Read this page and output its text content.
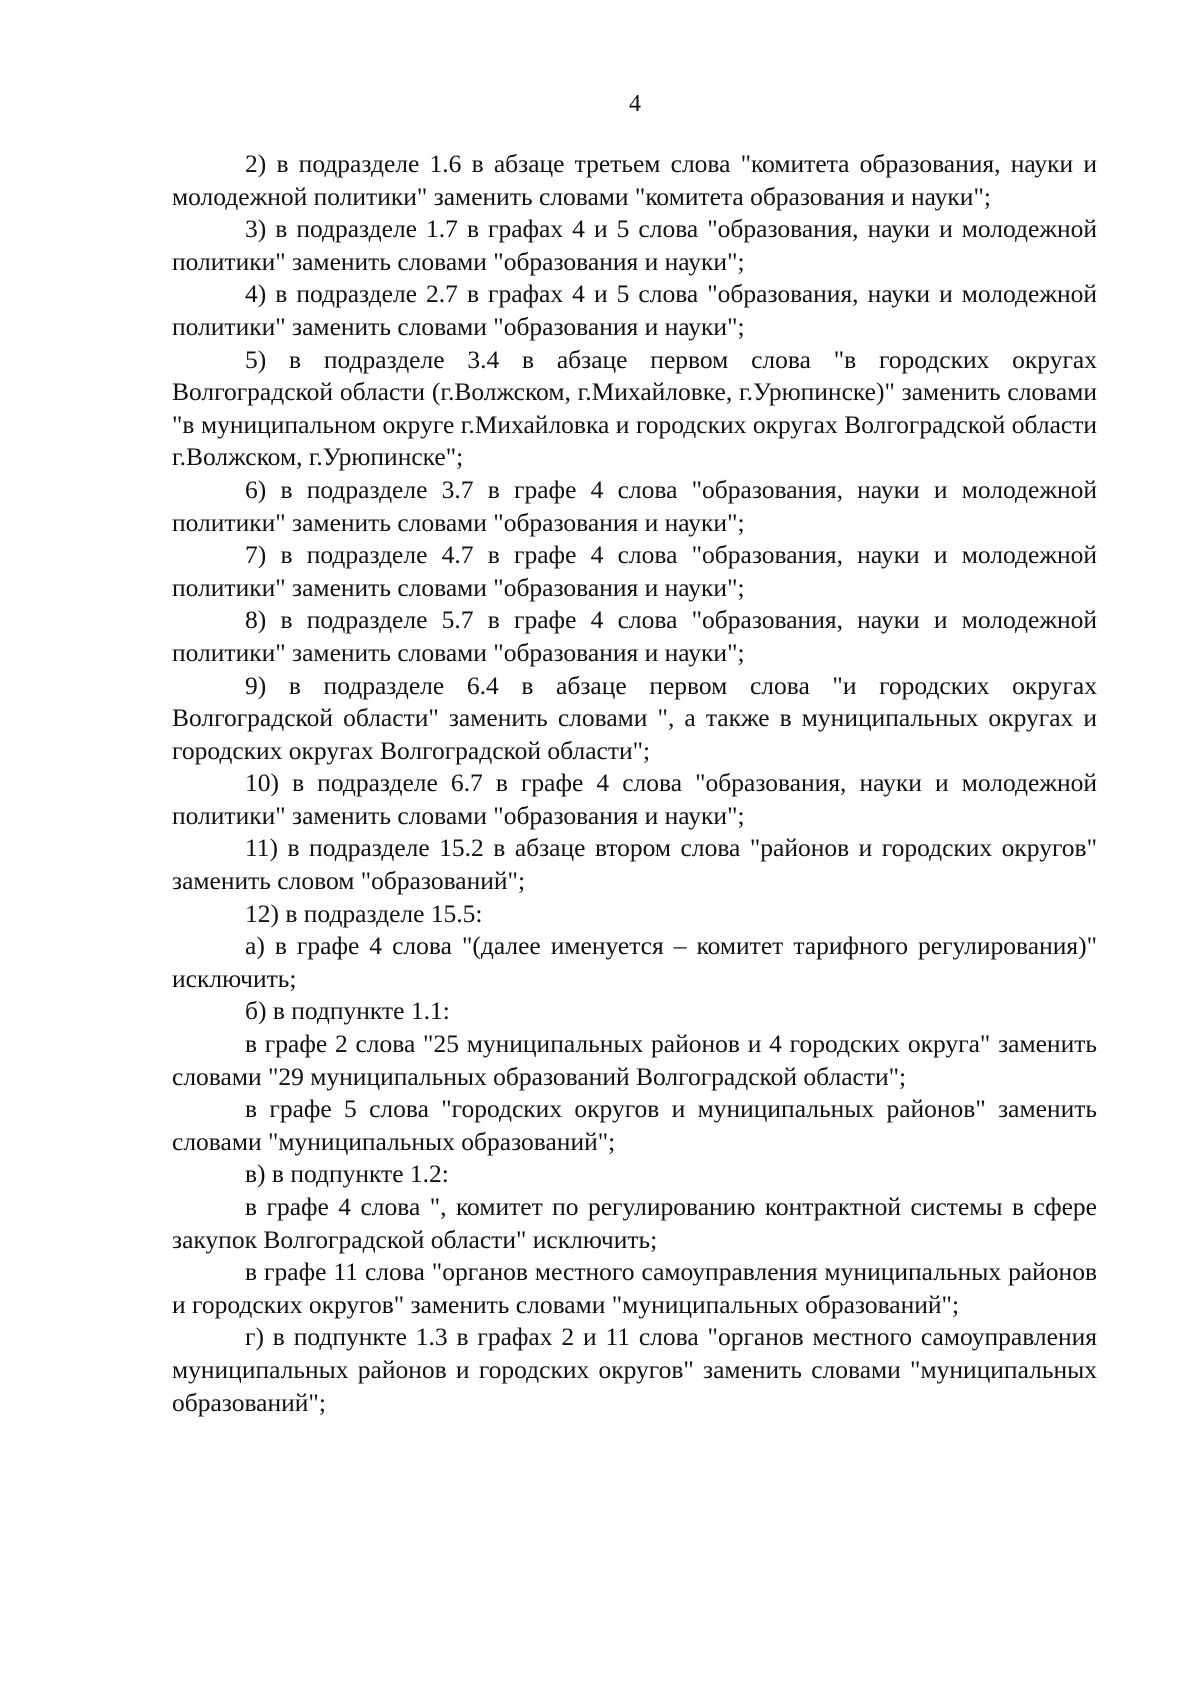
4

2) в подразделе 1.6 в абзаце третьем слова "комитета образования, науки и молодежной политики" заменить словами "комитета образования и науки";

3) в подразделе 1.7 в графах 4 и 5 слова "образования, науки и молодежной политики" заменить словами "образования и науки";

4) в подразделе 2.7 в графах 4 и 5 слова "образования, науки и молодежной политики" заменить словами "образования и науки";

5) в подразделе 3.4 в абзаце первом слова "в городских округах Волгоградской области (г.Волжском, г.Михайловке, г.Урюпинске)" заменить словами "в муниципальном округе г.Михайловка и городских округах Волгоградской области г.Волжском, г.Урюпинске";

6) в подразделе 3.7 в графе 4 слова "образования, науки и молодежной политики" заменить словами "образования и науки";

7) в подразделе 4.7 в графе 4 слова "образования, науки и молодежной политики" заменить словами "образования и науки";

8) в подразделе 5.7 в графе 4 слова "образования, науки и молодежной политики" заменить словами "образования и науки";

9) в подразделе 6.4 в абзаце первом слова "и городских округах Волгоградской области" заменить словами ", а также в муниципальных округах и городских округах Волгоградской области";

10) в подразделе 6.7 в графе 4 слова "образования, науки и молодежной политики" заменить словами "образования и науки";

11) в подразделе 15.2 в абзаце втором слова "районов и городских округов" заменить словом "образований";

12) в подразделе 15.5:

а) в графе 4 слова "(далее именуется – комитет тарифного регулирования)" исключить;

б) в подпункте 1.1:

в графе 2 слова "25 муниципальных районов и 4 городских округа" заменить словами "29 муниципальных образований Волгоградской области";

в графе 5 слова "городских округов и муниципальных районов" заменить словами "муниципальных образований";

в) в подпункте 1.2:

в графе 4 слова ", комитет по регулированию контрактной системы в сфере закупок Волгоградской области" исключить;

в графе 11 слова "органов местного самоуправления муниципальных районов и городских округов" заменить словами "муниципальных образований";

г) в подпункте 1.3 в графах 2 и 11 слова "органов местного самоуправления муниципальных районов и городских округов" заменить словами "муниципальных образований";
